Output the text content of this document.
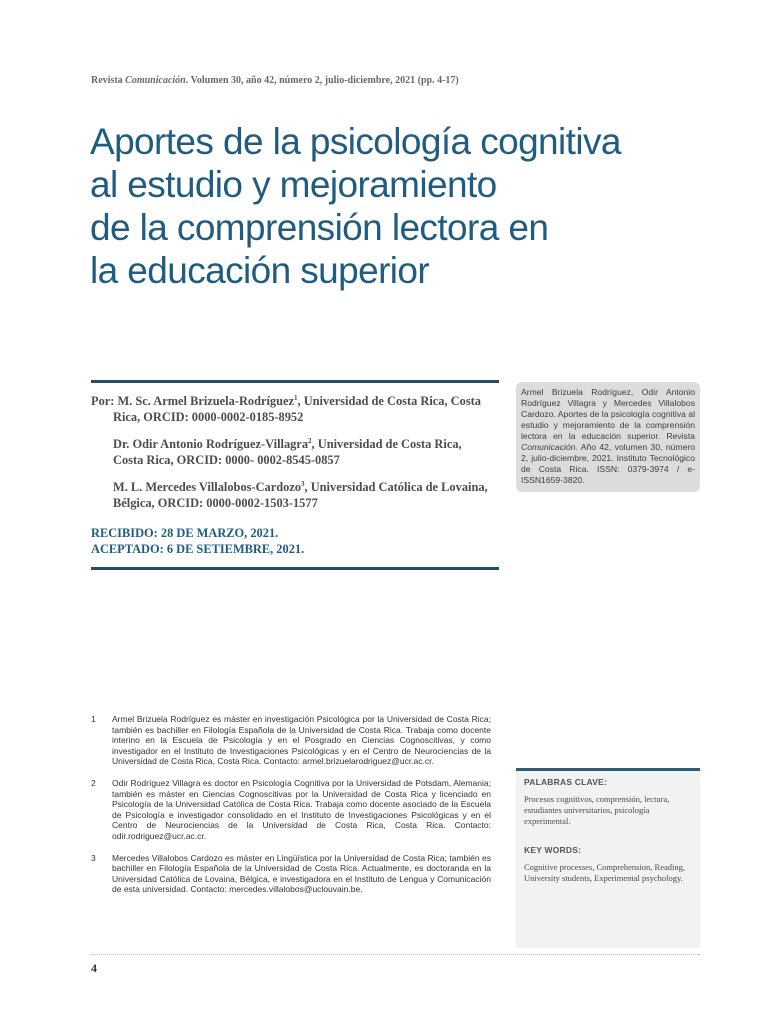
Revista Comunicación. Volumen 30, año 42, número 2, julio-diciembre, 2021 (pp. 4-17)
Aportes de la psicología cognitiva
al estudio y mejoramiento
de la comprensión lectora en
la educación superior
Por: M. Sc. Armel Brizuela-Rodríguez$^1$, Universidad de Costa Rica, Costa Rica, ORCID: 0000-0002-0185-8952
Dr. Odir Antonio Rodríguez-Villagra$^2$, Universidad de Costa Rica, Costa Rica, ORCID: 0000- 0002-8545-0857
M. L. Mercedes Villalobos-Cardozo$^3$, Universidad Católica de Lovaina, Bélgica, ORCID: 0000-0002-1503-1577
Armel Brizuela Rodríguez, Odir Antonio Rodríguez Villagra y Mercedes Villalobos Cardozo. Aportes de la psicología cognitiva al estudio y mejoramiento de la comprensión lectora en la educación superior. Revista Comunicación. Año 42, volumen 30, número 2, julio-diciembre, 2021. Instituto Tecnológico de Costa Rica. ISSN: 0379-3974 / e-ISSN1659-3820.
RECIBIDO: 28 DE MARZO, 2021.
ACEPTADO: 6 DE SETIEMBRE, 2021.
1	Armel Brizuela Rodríguez es máster en investigación Psicológica por la Universidad de Costa Rica; también es bachiller en Filología Española de la Universidad de Costa Rica. Trabaja como docente interino en la Escuela de Psicología y en el Posgrado en Ciencias Cognoscitivas, y como investigador en el Instituto de Investigaciones Psicológicas y en el Centro de Neurociencias de la Universidad de Costa Rica, Costa Rica. Contacto: armel.brizuelarodriguez@ucr.ac.cr.
2	Odir Rodríguez Villagra es doctor en Psicología Cognitiva por la Universidad de Potsdam, Alemania; también es máster en Ciencias Cognoscitivas por la Universidad de Costa Rica y licenciado en Psicología de la Universidad Católica de Costa Rica. Trabaja como docente asociado de la Escuela de Psicología e investigador consolidado en el Instituto de Investigaciones Psicológicas y en el Centro de Neurociencias de la Universidad de Costa Rica, Costa Rica. Contacto: odir.rodriguez@ucr.ac.cr.
3	Mercedes Villalobos Cardozo es máster en Lingüística por la Universidad de Costa Rica; también es bachiller en Filología Española de la Universidad de Costa Rica. Actualmente, es doctoranda en la Universidad Católica de Lovaina, Bélgica, e investigadora en el Instituto de Lengua y Comunicación de esta universidad. Contacto: mercedes.villalobos@uclouvain.be.

PALABRAS CLAVE:

Procesos cognitivos, comprensión, lectura, estudiantes universitarios, psicología experimental.

KEY WORDS:

Cognitive processes, Comprehension, Reading, University students, Experimental psychology.

4
